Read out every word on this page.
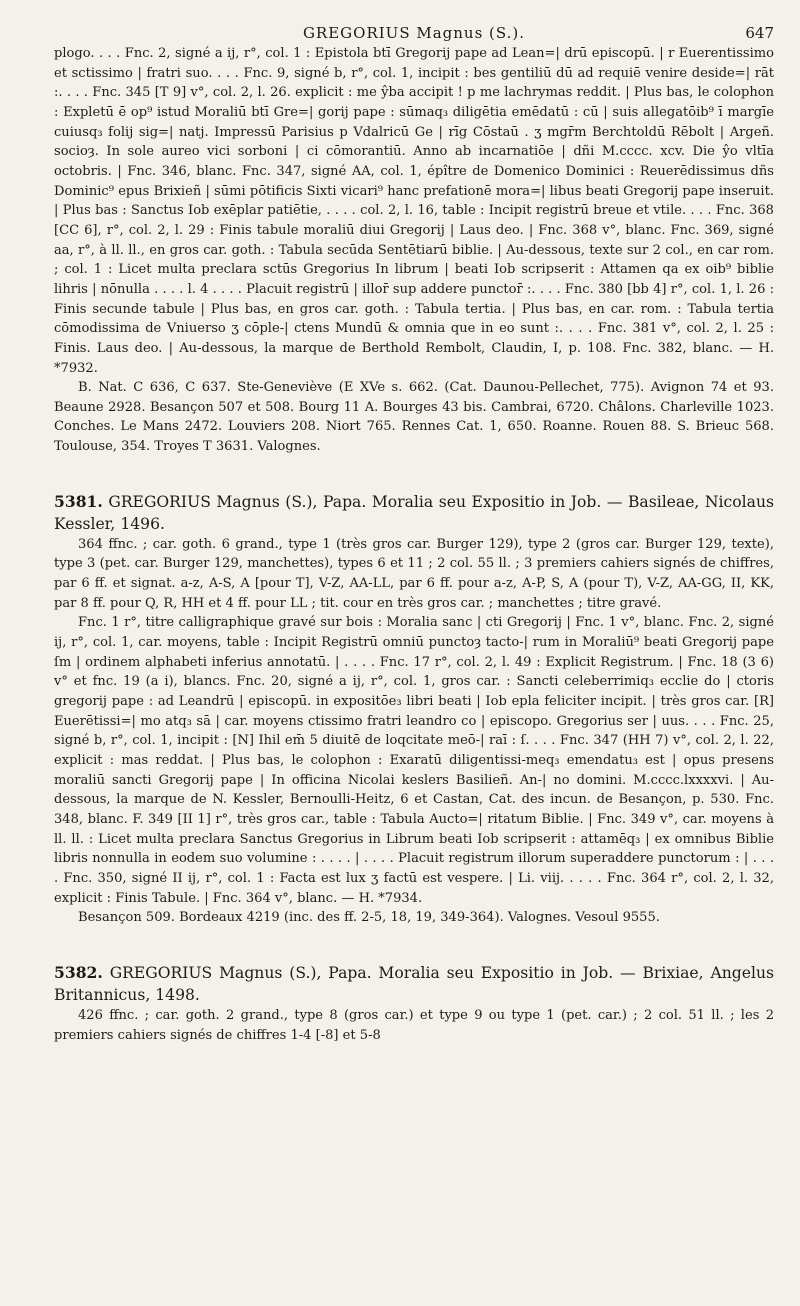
GREGORIUS Magnus (S.).	647

plogo. . . . Fnc. 2, signé a ij, r°, col. 1 : Epistola btī Gregorij pape ad Lean=| drū episcopū. | r Euerentissimo et sctissimo | fratri suo. . . . Fnc. 9, signé b, r°, col. 1, incipit : bes gentiliū dū ad requiē venire deside=| rāt :. . . . Fnc. 345 [T 9] v°, col. 2, l. 26. explicit : me ŷba accipit ! p me lachrymas reddit. | Plus bas, le colophon : Expletū ē op⁹ istud Moraliū btī Gre=| gorij pape : sūmaq₃ diligētia emēdatū : cū | suis allegatōib⁹ ī margīe cuiusq₃ folij sig=| natj. Impressū Parisius p Vdalricū Ge | rīg Cōstaū . ʒ mgr̄m Berchtoldū Rēbolt | Argeñ. socioȝ. In sole aureo vici sorboni | ci cōmorantiū. Anno ab incarnatiōe | dñi M.cccc. xcv. Die ŷo vltīa octobris. | Fnc. 346, blanc. Fnc. 347, signé AA, col. 1, épître de Domenico Dominici : Reuerēdissimus dñs Dominic⁹ epus Brixieñ | sūmi pōtificis Sixti vicari⁹ hanc prefationē mora=| libus beati Gregorij pape inseruit. | Plus bas : Sanctus Iob exēplar patiētie, . . . . col. 2, l. 16, table : Incipit registrū breue et vtile. . . . Fnc. 368 [CC 6], r°, col. 2, l. 29 : Finis tabule moraliū diui Gregorij | Laus deo. | Fnc. 368 v°, blanc. Fnc. 369, signé aa, r°, à ll. ll., en gros car. goth. : Tabula secūda Sentētiarū biblie. | Au-dessous, texte sur 2 col., en car rom. ; col. 1 : Licet multa preclara sctūs Gregorius In librum | beati Iob scripserit : Attamen qa ex oib⁹ biblie lihris | nōnulla . . . . l. 4 . . . . Placuit registrū | illor̄ sup addere punctor̄ :. . . . Fnc. 380 [bb 4] r°, col. 1, l. 26 : Finis secunde tabule | Plus bas, en gros car. goth. : Tabula tertia. | Plus bas, en car. rom. : Tabula tertia cōmodissima de Vniuerso ʒ cōple-| ctens Mundū & omnia que in eo sunt :. . . . Fnc. 381 v°, col. 2, l. 25 : Finis. Laus deo. | Au-dessous, la marque de Berthold Rembolt, Claudin, I, p. 108. Fnc. 382, blanc. — H. *7932.

B. Nat. C 636, C 637. Ste-Geneviève (E XVe s. 662. (Cat. Daunou-Pellechet, 775). Avignon 74 et 93. Beaune 2928. Besançon 507 et 508. Bourg 11 A. Bourges 43 bis. Cambrai, 6720. Châlons. Charleville 1023. Conches. Le Mans 2472. Louviers 208. Niort 765. Rennes Cat. 1, 650. Roanne. Rouen 88. S. Brieuc 568. Toulouse, 354. Troyes T 3631. Valognes.

5381. GREGORIUS Magnus (S.), Papa. Moralia seu Expositio in Job. — Basileae, Nicolaus Kessler, 1496.

364 ffnc. ; car. goth. 6 grand., type 1 (très gros car. Burger 129), type 2 (gros car. Burger 129, texte), type 3 (pet. car. Burger 129, manchettes), types 6 et 11 ; 2 col. 55 ll. ; 3 premiers cahiers signés de chiffres, par 6 ff. et signat. a-z, A-S, A [pour T], V-Z, AA-LL, par 6 ff. pour a-z, A-P, S, A (pour T), V-Z, AA-GG, II, KK, par 8 ff. pour Q, R, HH et 4 ff. pour LL ; tit. cour en très gros car. ; manchettes ; titre gravé.

Fnc. 1 r°, titre calligraphique gravé sur bois : Moralia sanc | cti Gregorij | Fnc. 1 v°, blanc. Fnc. 2, signé ij, r°, col. 1, car. moyens, table : Incipit Registrū omniū punctoȝ tacto-| rum in Moraliū⁹ beati Gregorij pape ſm | ordinem alphabeti inferius annotatū. | . . . . Fnc. 17 r°, col. 2, l. 49 : Explicit Registrum. | Fnc. 18 (3 6) v° et fnc. 19 (a i), blancs. Fnc. 20, signé a ij, r°, col. 1, gros car. : Sancti celeberrimiq₃ ecclie do | ctoris gregorij pape : ad Leandrū | episcopū. in expositōe₃ libri beati | Iob epla feliciter incipit. | très gros car. [R] Euerētissi=| mo atq₃ sā | car. moyens ctissimo fratri leandro co | episcopo. Gregorius ser | uus. . . . Fnc. 25, signé b, r°, col. 1, incipit : [N] Ihil em̄ 5 diuitē de loqcitate meō-| raī : ſ. . . . Fnc. 347 (HH 7) v°, col. 2, l. 22, explicit : mas reddat. | Plus bas, le colophon : Exaratū diligentissi-meq₃ emendatu₃ est | opus presens moraliū sancti Gregorij pape | In officina Nicolai keslers Basilieñ. An-| no domini. M.cccc.lxxxxvi. | Au-dessous, la marque de N. Kessler, Bernoulli-Heitz, 6 et Castan, Cat. des incun. de Besançon, p. 530. Fnc. 348, blanc. F. 349 [II 1] r°, très gros car., table : Tabula Aucto=| ritatum Biblie. | Fnc. 349 v°, car. moyens à ll. ll. : Licet multa preclara Sanctus Gregorius in Librum beati Iob scripserit : attamēq₃ | ex omnibus Biblie libris nonnulla in eodem suo volumine : . . . . | . . . . Placuit registrum illorum superaddere punctorum : | . . . . Fnc. 350, signé II ij, r°, col. 1 : Facta est lux ʒ factū est vespere. | Li. viij. . . . . Fnc. 364 r°, col. 2, l. 32, explicit : Finis Tabule. | Fnc. 364 v°, blanc. — H. *7934.

Besançon 509. Bordeaux 4219 (inc. des ff. 2-5, 18, 19, 349-364). Valognes. Vesoul 9555.

5382. GREGORIUS Magnus (S.), Papa. Moralia seu Expositio in Job. — Brixiae, Angelus Britannicus, 1498.

426 ffnc. ; car. goth. 2 grand., type 8 (gros car.) et type 9 ou type 1 (pet. car.) ; 2 col. 51 ll. ; les 2 premiers cahiers signés de chiffres 1-4 [-8] et 5-8
